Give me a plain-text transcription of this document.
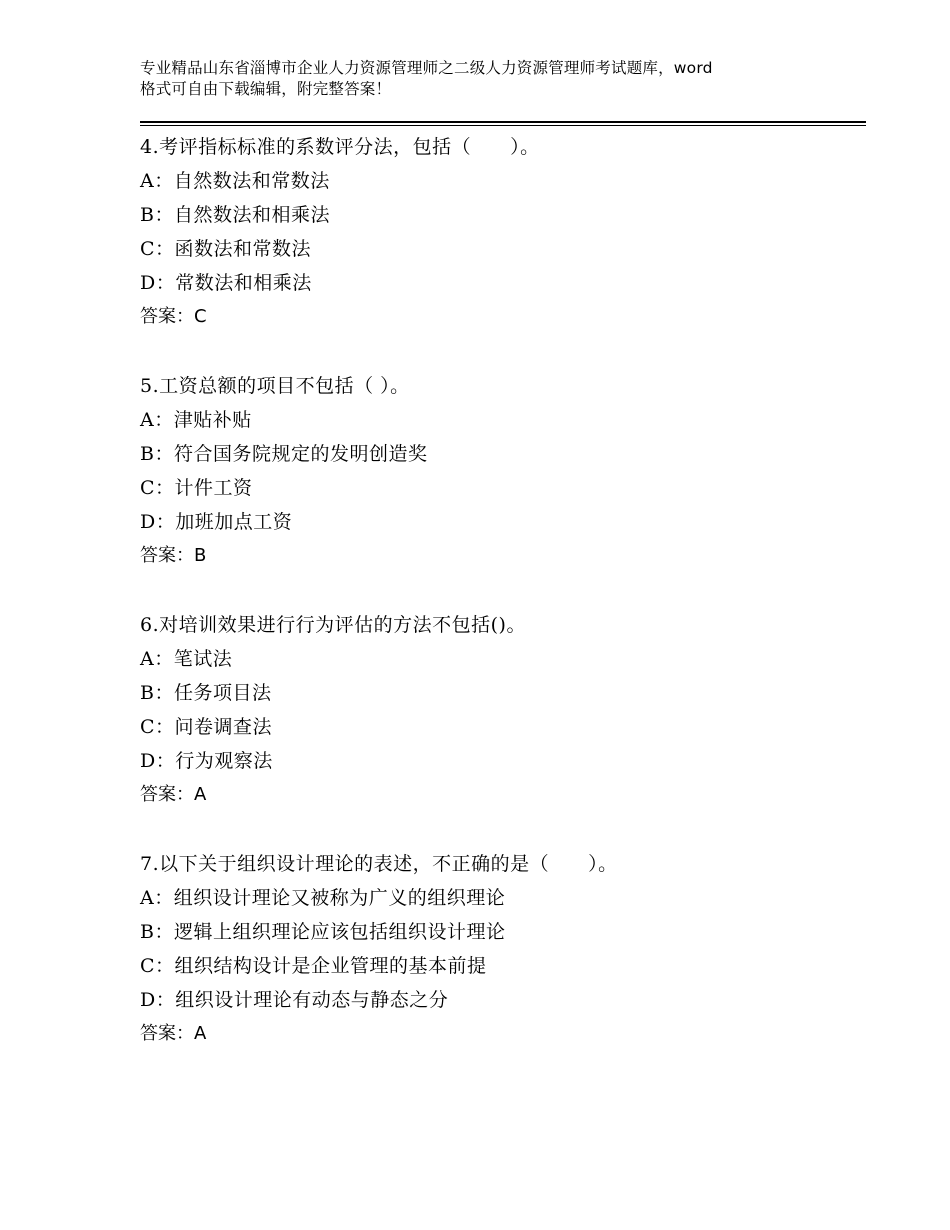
专业精品山东省淄博市企业人力资源管理师之二级人力资源管理师考试题库，word
格式可自由下载编辑，附完整答案！
4.考评指标标准的系数评分法，包括（　　）。
A：自然数法和常数法
B：自然数法和相乘法
C：函数法和常数法
D：常数法和相乘法
答案：C
5.工资总额的项目不包括（ ）。
A：津贴补贴
B：符合国务院规定的发明创造奖
C：计件工资
D：加班加点工资
答案：B
6.对培训效果进行行为评估的方法不包括()。
A：笔试法
B：任务项目法
C：问卷调查法
D：行为观察法
答案：A
7.以下关于组织设计理论的表述，不正确的是（　　）。
A：组织设计理论又被称为广义的组织理论
B：逻辑上组织理论应该包括组织设计理论
C：组织结构设计是企业管理的基本前提
D：组织设计理论有动态与静态之分
答案：A
